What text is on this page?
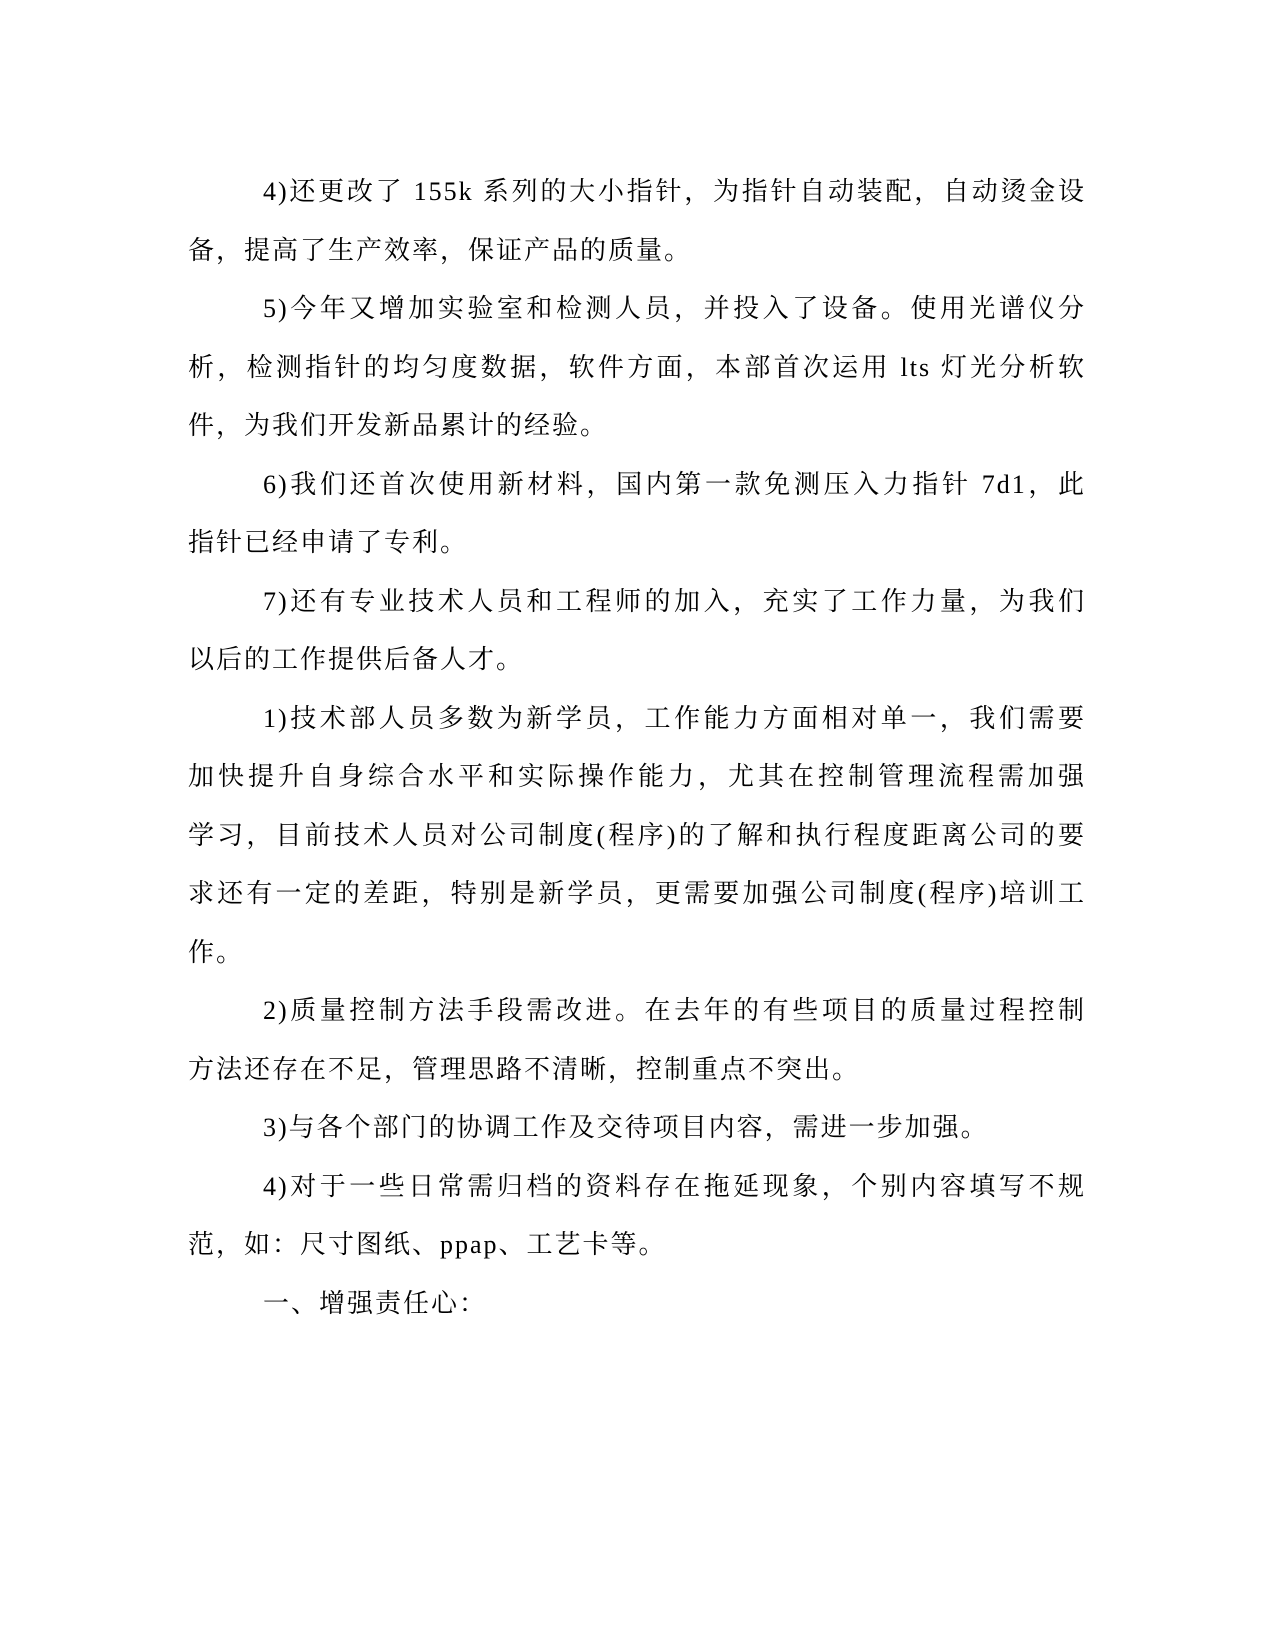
4)还更改了 155k 系列的大小指针，为指针自动装配，自动烫金设
备，提高了生产效率，保证产品的质量。
5)今年又增加实验室和检测人员，并投入了设备。使用光谱仪分
析，检测指针的均匀度数据，软件方面，本部首次运用 lts 灯光分析软
件，为我们开发新品累计的经验。
6)我们还首次使用新材料，国内第一款免测压入力指针 7d1，此
指针已经申请了专利。
7)还有专业技术人员和工程师的加入，充实了工作力量，为我们
以后的工作提供后备人才。
1)技术部人员多数为新学员，工作能力方面相对单一，我们需要
加快提升自身综合水平和实际操作能力，尤其在控制管理流程需加强
学习，目前技术人员对公司制度(程序)的了解和执行程度距离公司的要
求还有一定的差距，特别是新学员，更需要加强公司制度(程序)培训工
作。
2)质量控制方法手段需改进。在去年的有些项目的质量过程控制
方法还存在不足，管理思路不清晰，控制重点不突出。
3)与各个部门的协调工作及交待项目内容，需进一步加强。
4)对于一些日常需归档的资料存在拖延现象，个别内容填写不规
范，如：尺寸图纸、ppap、工艺卡等。
一、增强责任心：
